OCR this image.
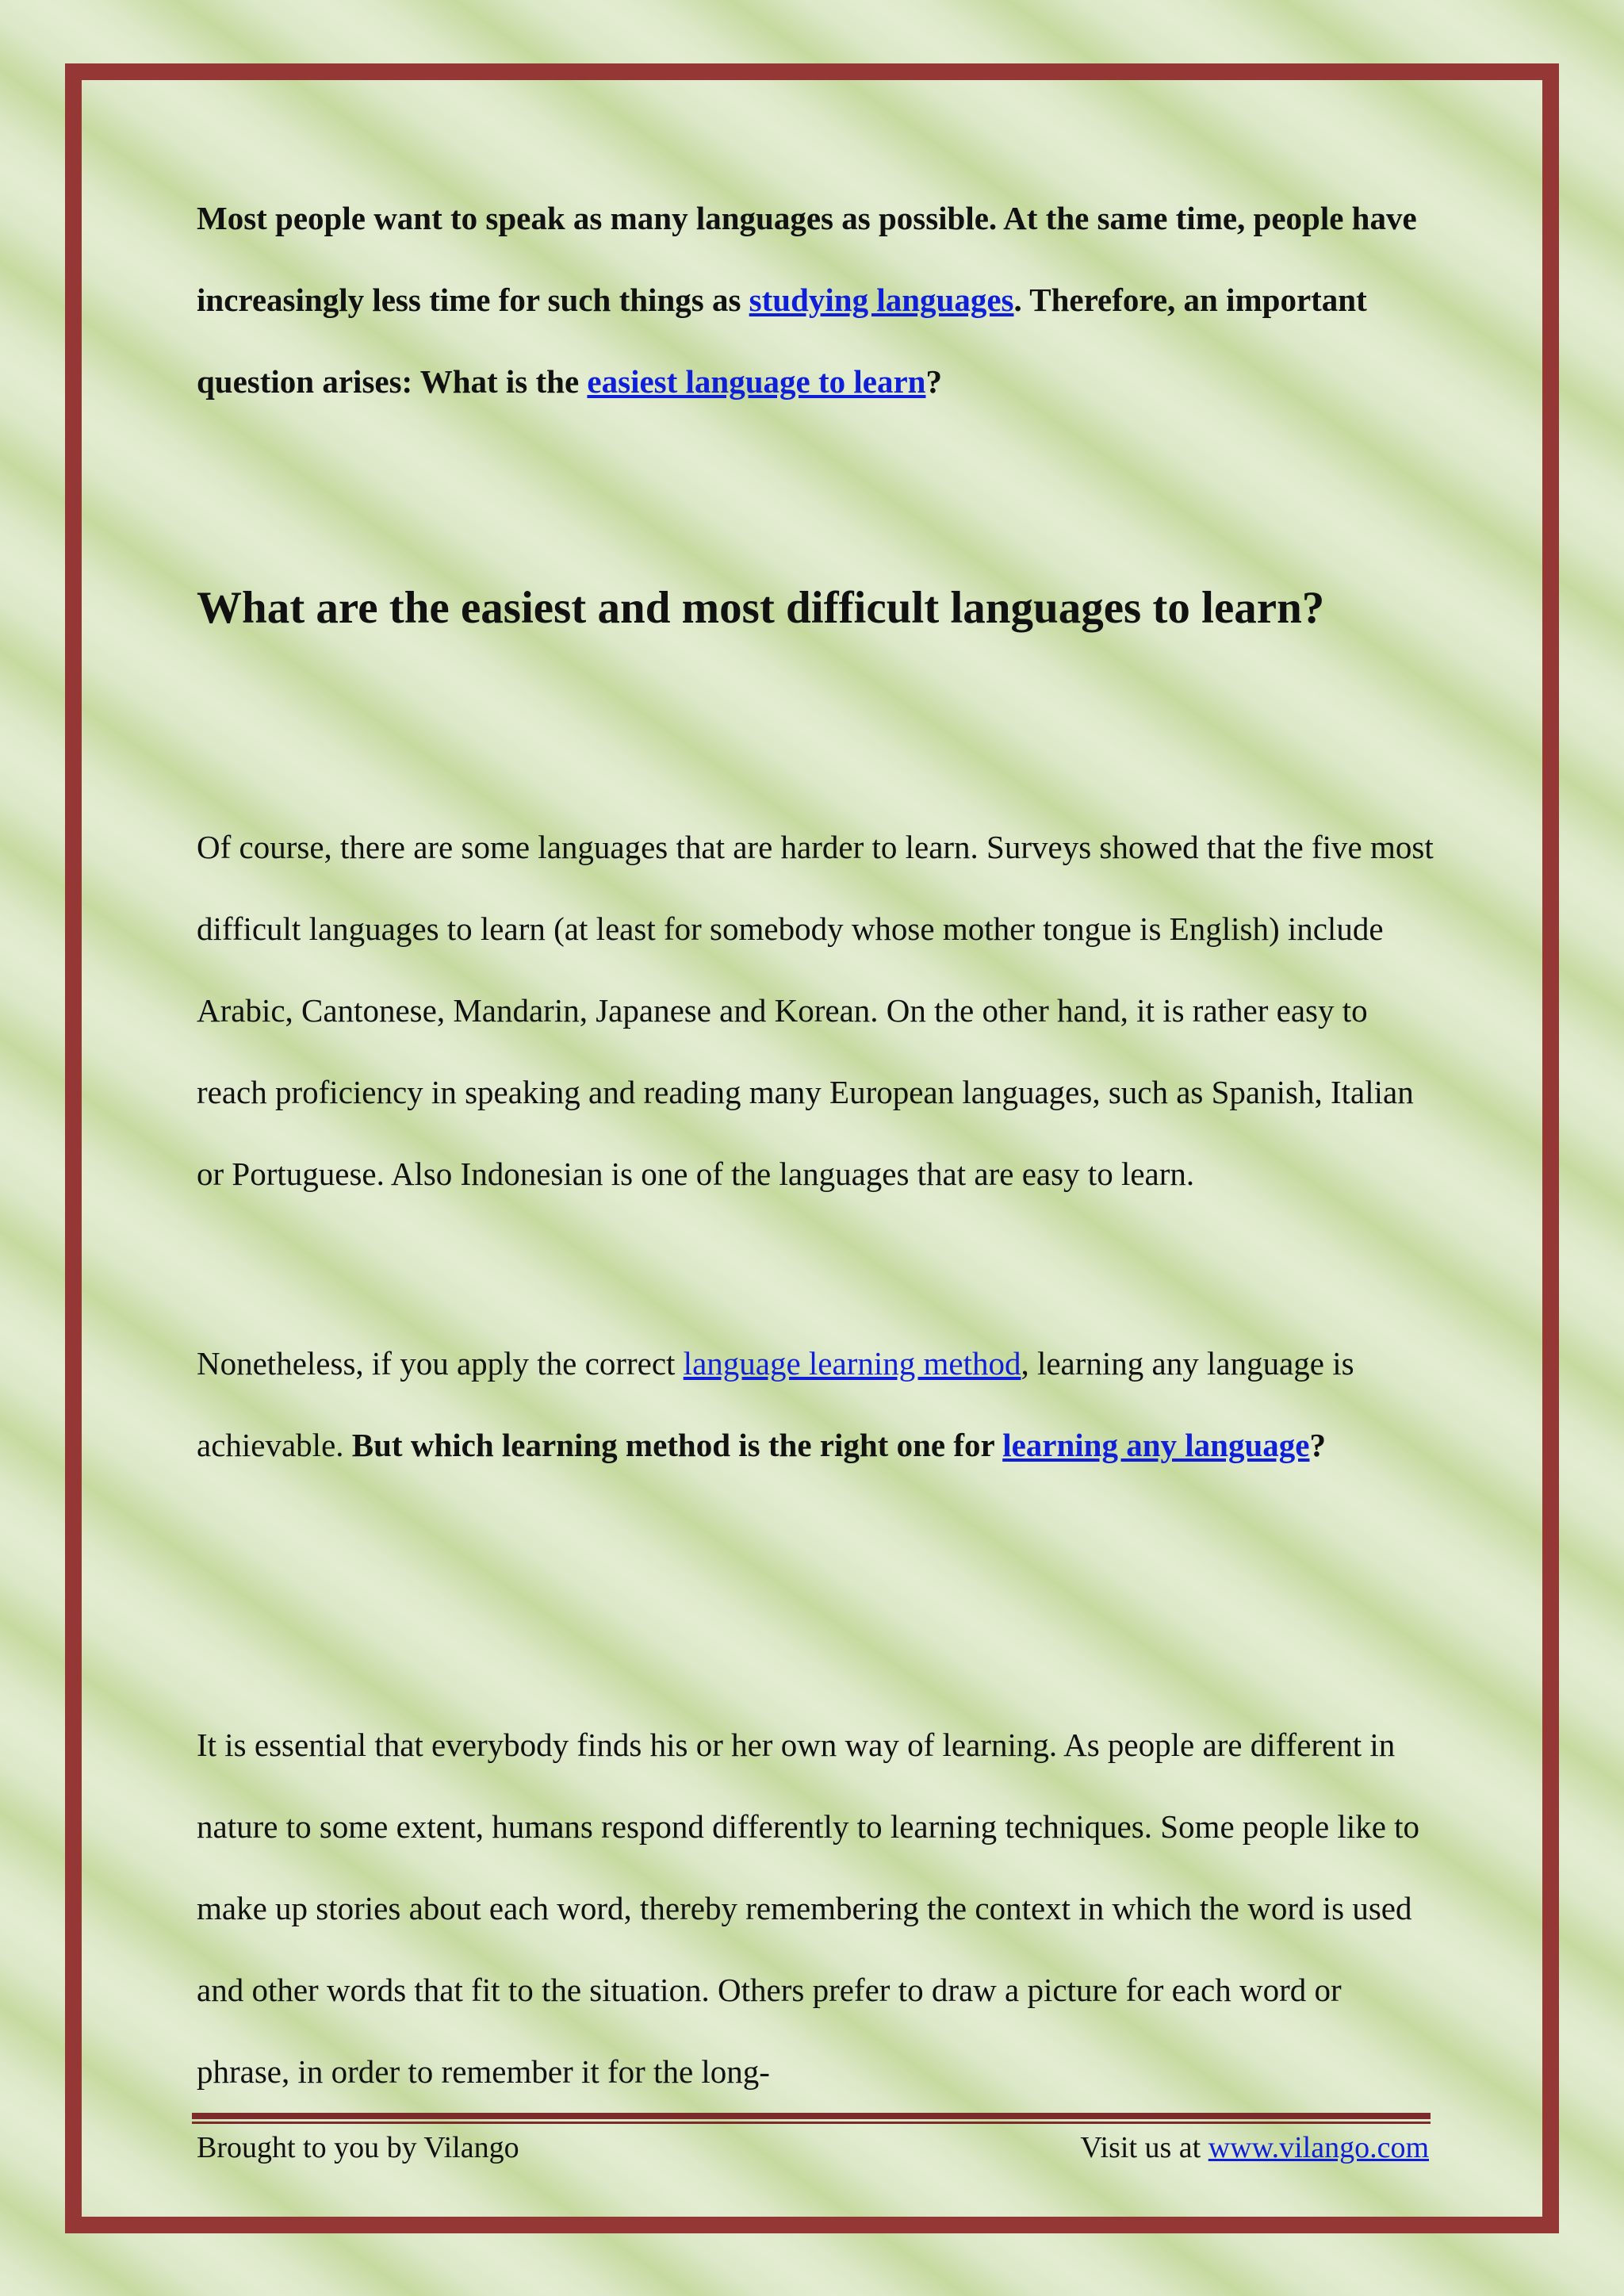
Most people want to speak as many languages as possible. At the same time, people have increasingly less time for such things as studying languages. Therefore, an important question arises: What is the easiest language to learn?

What are the easiest and most difficult languages to learn?

Of course, there are some languages that are harder to learn. Surveys showed that the five most difficult languages to learn (at least for somebody whose mother tongue is English) include Arabic, Cantonese, Mandarin, Japanese and Korean. On the other hand, it is rather easy to reach proficiency in speaking and reading many European languages, such as Spanish, Italian or Portuguese. Also Indonesian is one of the languages that are easy to learn.

Nonetheless, if you apply the correct language learning method, learning any language is achievable. But which learning method is the right one for learning any language?

It is essential that everybody finds his or her own way of learning. As people are different in nature to some extent, humans respond differently to learning techniques. Some people like to make up stories about each word, thereby remembering the context in which the word is used and other words that fit to the situation. Others prefer to draw a picture for each word or phrase, in order to remember it for the long-

Brought to you by Vilango	Visit us at www.vilango.com
